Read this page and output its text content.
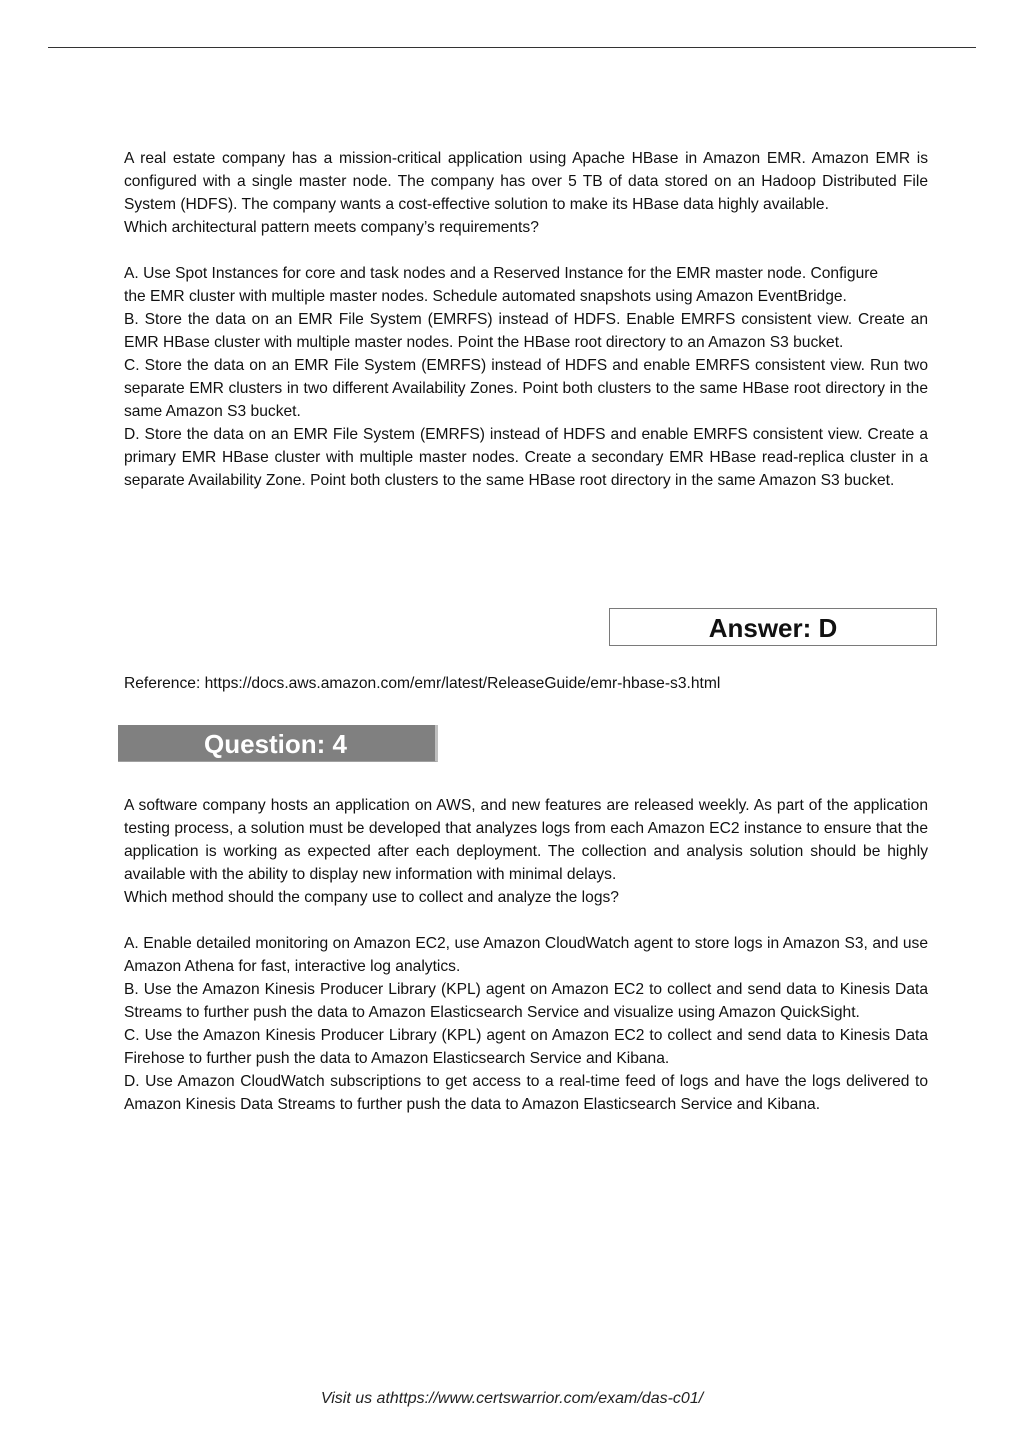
A real estate company has a mission-critical application using Apache HBase in Amazon EMR. Amazon EMR is configured with a single master node. The company has over 5 TB of data stored on an Hadoop Distributed File System (HDFS). The company wants a cost-effective solution to make its HBase data highly available.

Which architectural pattern meets company’s requirements?

A. Use Spot Instances for core and task nodes and a Reserved Instance for the EMR master node. Configure

the EMR cluster with multiple master nodes. Schedule automated snapshots using Amazon EventBridge.

B. Store the data on an EMR File System (EMRFS) instead of HDFS. Enable EMRFS consistent view. Create an EMR HBase cluster with multiple master nodes. Point the HBase root directory to an Amazon S3 bucket.

C. Store the data on an EMR File System (EMRFS) instead of HDFS and enable EMRFS consistent view. Run two separate EMR clusters in two different Availability Zones. Point both clusters to the same HBase root directory in the same Amazon S3 bucket.

D. Store the data on an EMR File System (EMRFS) instead of HDFS and enable EMRFS consistent view. Create a primary EMR HBase cluster with multiple master nodes. Create a secondary EMR HBase read-replica cluster in a separate Availability Zone. Point both clusters to the same HBase root directory in the same Amazon S3 bucket.

Answer: D
Reference: https://docs.aws.amazon.com/emr/latest/ReleaseGuide/emr-hbase-s3.html
Question: 4

A software company hosts an application on AWS, and new features are released weekly. As part of the application testing process, a solution must be developed that analyzes logs from each Amazon EC2 instance to ensure that the application is working as expected after each deployment. The collection and analysis solution should be highly available with the ability to display new information with minimal delays.

Which method should the company use to collect and analyze the logs?

A. Enable detailed monitoring on Amazon EC2, use Amazon CloudWatch agent to store logs in Amazon S3, and use Amazon Athena for fast, interactive log analytics.

B. Use the Amazon Kinesis Producer Library (KPL) agent on Amazon EC2 to collect and send data to Kinesis Data Streams to further push the data to Amazon Elasticsearch Service and visualize using Amazon QuickSight.

C. Use the Amazon Kinesis Producer Library (KPL) agent on Amazon EC2 to collect and send data to Kinesis Data Firehose to further push the data to Amazon Elasticsearch Service and Kibana.

D. Use Amazon CloudWatch subscriptions to get access to a real-time feed of logs and have the logs delivered to Amazon Kinesis Data Streams to further push the data to Amazon Elasticsearch Service and Kibana.

Visit us athttps://www.certswarrior.com/exam/das-c01/
